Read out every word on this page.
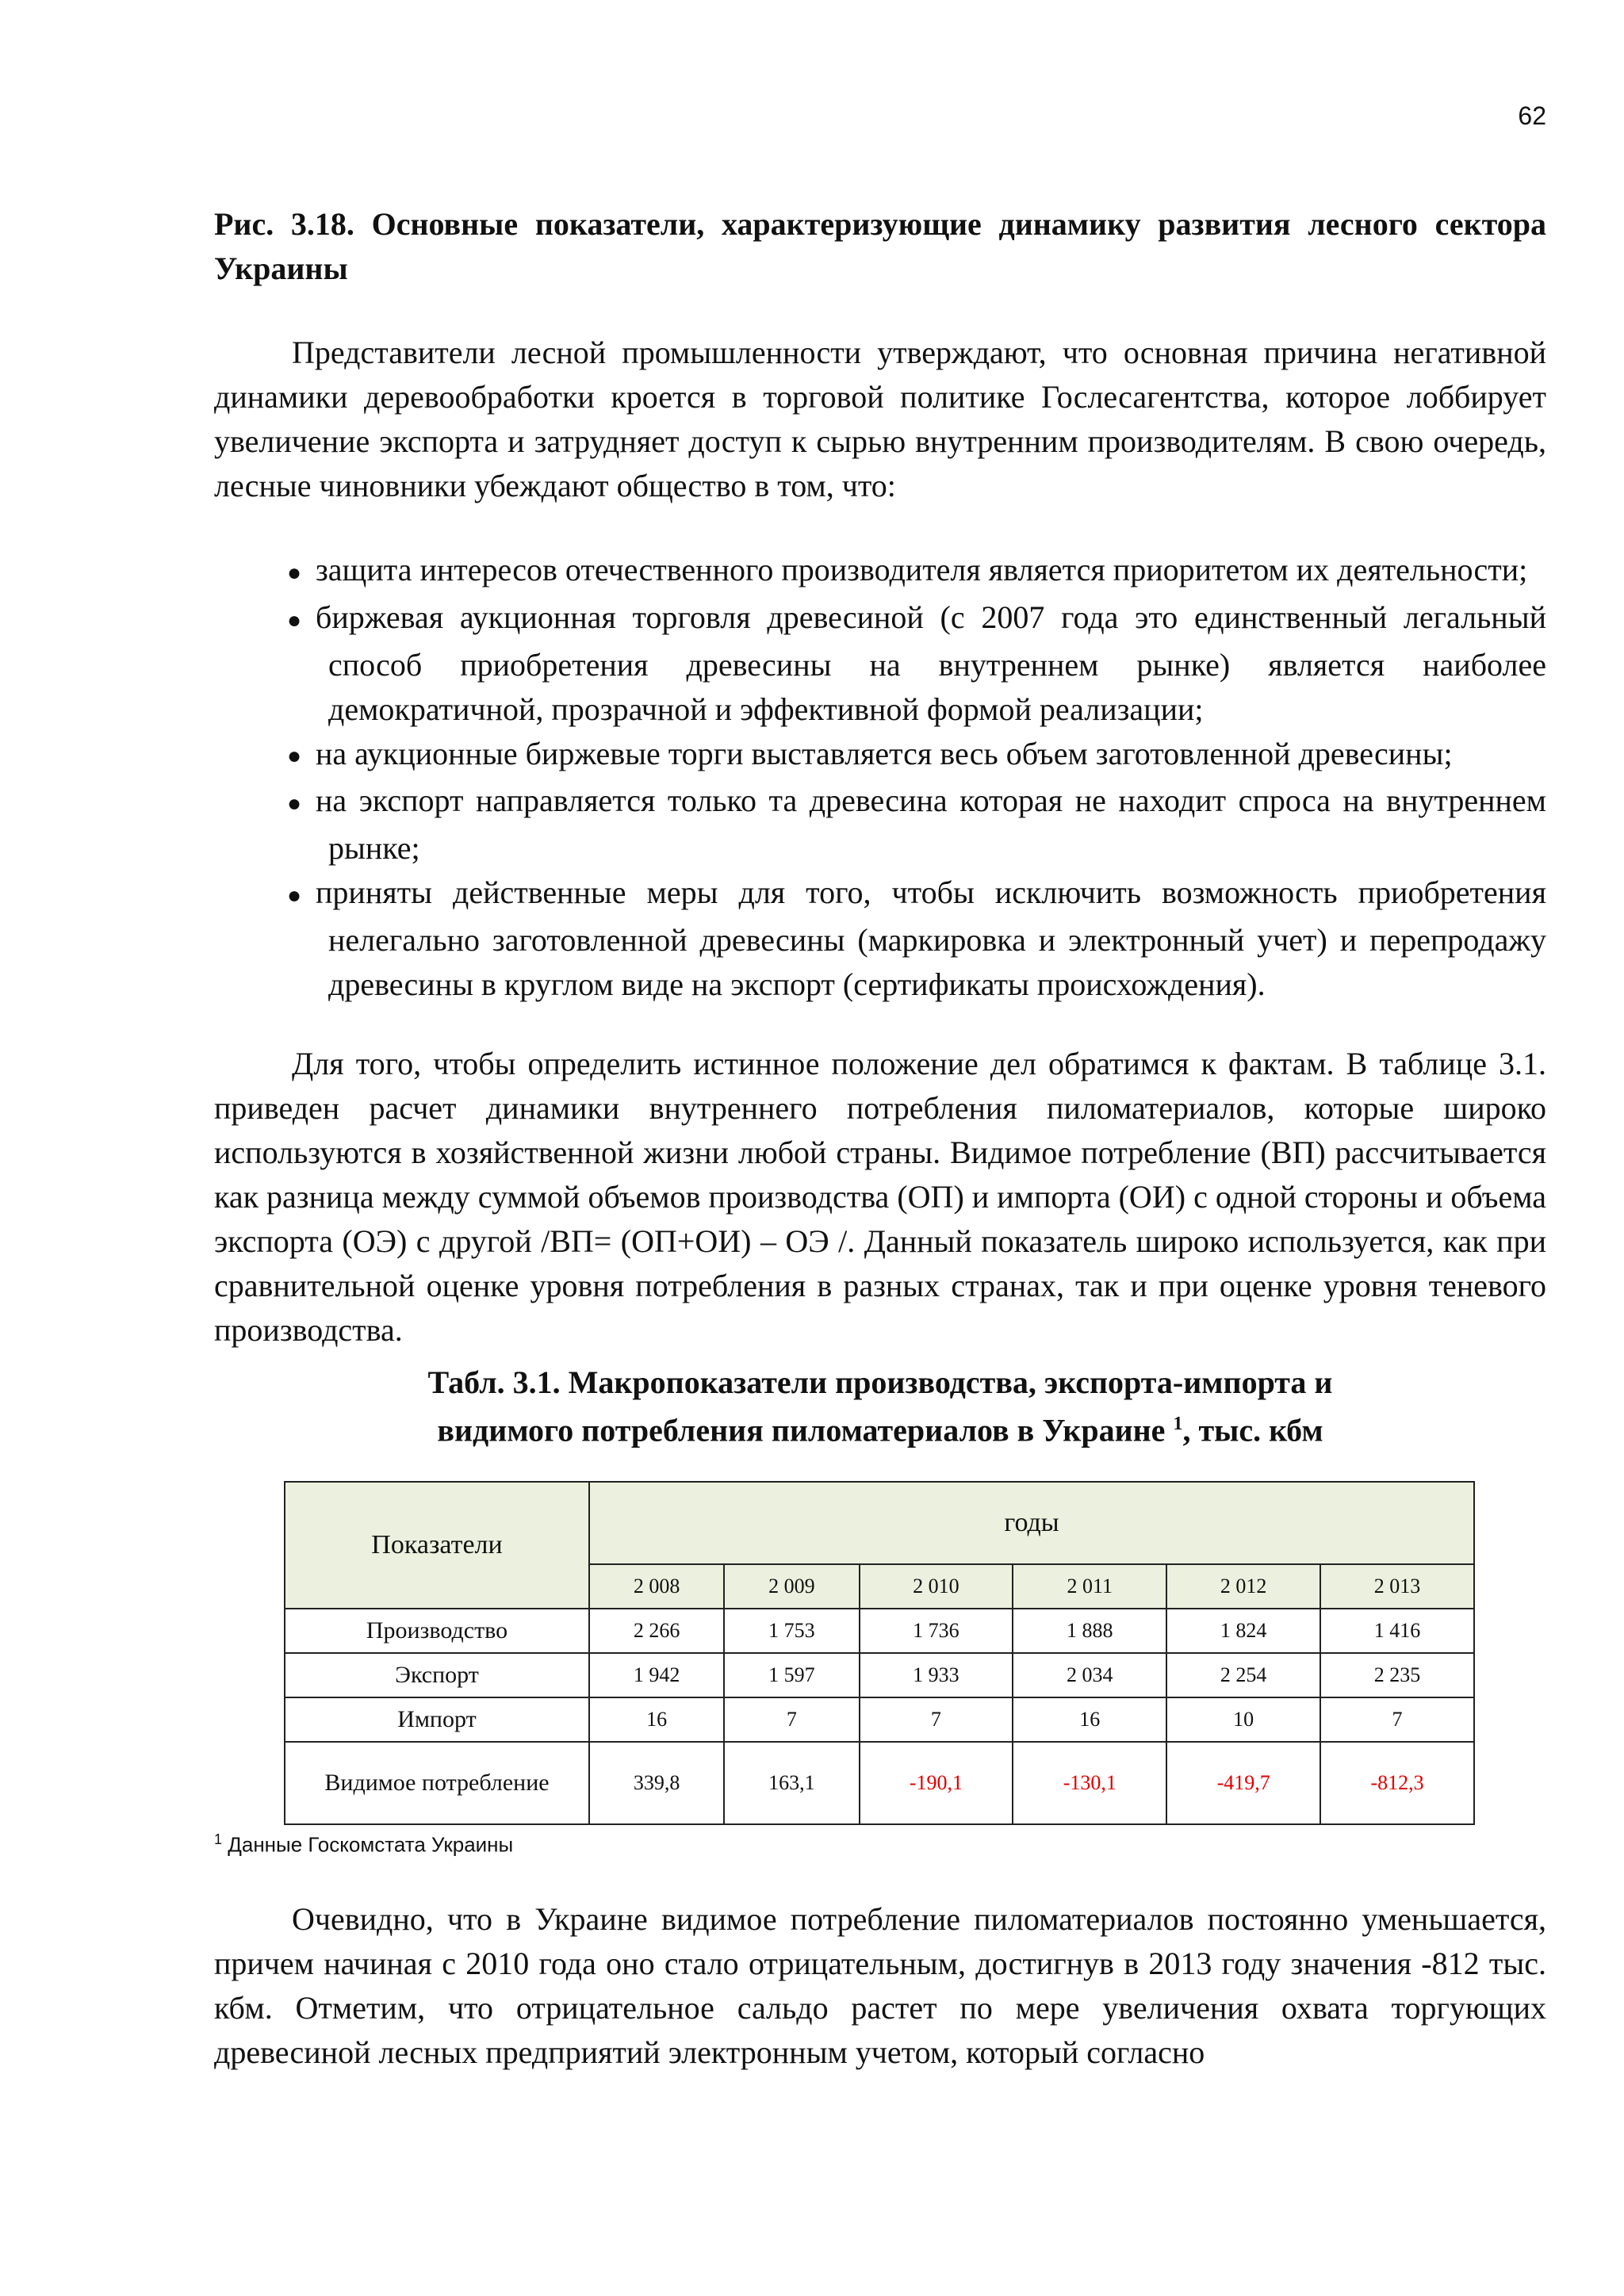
62
Рис. 3.18. Основные показатели, характеризующие динамику развития лесного сектора Украины

Представители лесной промышленности утверждают, что основная причина негативной динамики деревообработки кроется в торговой политике Гослесагентства, которое лоббирует увеличение экспорта и затрудняет доступ к сырью внутренним производителям. В свою очередь, лесные чиновники убеждают общество в том, что:

● защита интересов отечественного производителя является приоритетом их деятельности;
● биржевая аукционная торговля древесиной (с 2007 года это единственный легальный способ приобретения древесины на внутреннем рынке) является наиболее демократичной, прозрачной и эффективной формой реализации;
● на аукционные биржевые торги выставляется весь объем заготовленной древесины;
● на экспорт направляется только та древесина которая не находит спроса на внутреннем рынке;
● приняты действенные меры для того, чтобы исключить возможность приобретения нелегально заготовленной древесины (маркировка и электронный учет) и перепродажу древесины в круглом виде на экспорт (сертификаты происхождения).

Для того, чтобы определить истинное положение дел обратимся к фактам. В таблице 3.1. приведен расчет динамики внутреннего потребления пиломатериалов, которые широко используются в хозяйственной жизни любой страны. Видимое потребление (ВП) рассчитывается как разница между суммой объемов производства (ОП) и импорта (ОИ) с одной стороны и объема экспорта (ОЭ) с другой /ВП= (ОП+ОИ) – ОЭ /. Данный показатель широко используется, как при сравнительной оценке уровня потребления в разных странах, так и при оценке уровня теневого производства.

Табл. 3.1. Макропоказатели производства, экспорта-импорта и
видимого потребления пиломатериалов в Украине $^1$, тыс. кбм
Показатели	годы					
	2 008	2 009	2 010	2 011	2 012	2 013
Производство	2 266	1 753	1 736	1 888	1 824	1 416
Экспорт	1 942	1 597	1 933	2 034	2 254	2 235
Импорт	16	7	7	16	10	7
Видимое потребление	339,8	163,1	-190,1	-130,1	-419,7	-812,3
$^1$ Данные Госкомстата Украины

Очевидно, что в Украине видимое потребление пиломатериалов постоянно уменьшается, причем начиная с 2010 года оно стало отрицательным, достигнув в 2013 году значения -812 тыс. кбм. Отметим, что отрицательное сальдо растет по мере увеличения охвата торгующих древесиной лесных предприятий электронным учетом, который согласно
